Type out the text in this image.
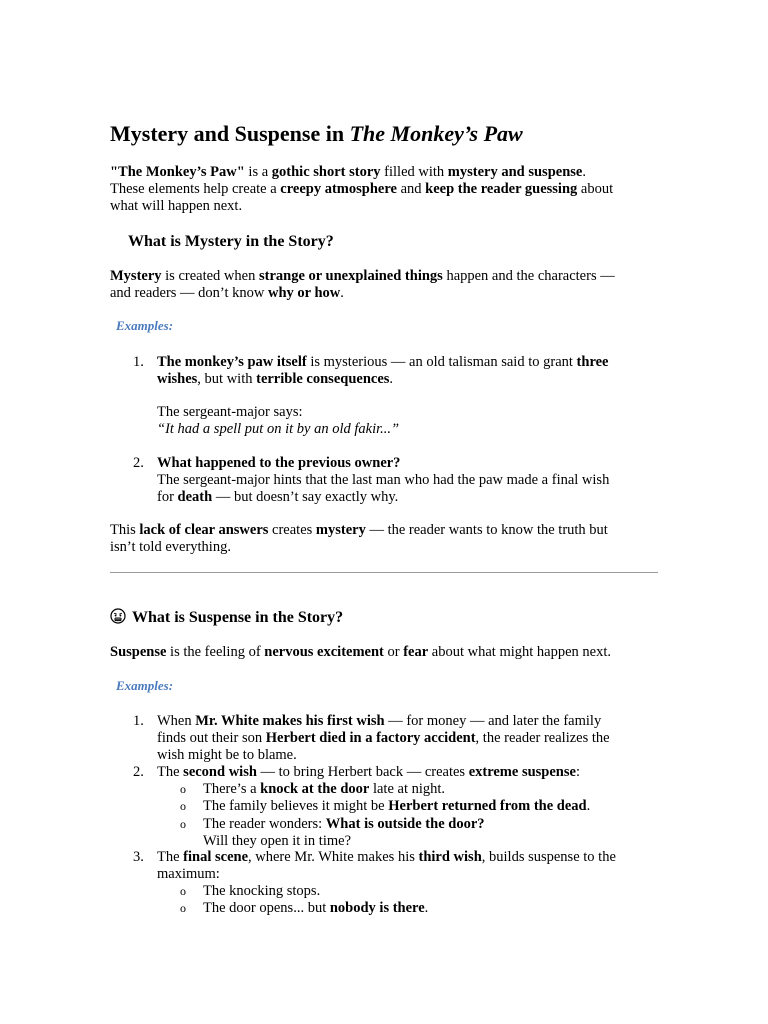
Mystery and Suspense in The Monkey’s Paw

"The Monkey’s Paw" is a gothic short story filled with mystery and suspense.
These elements help create a creepy atmosphere and keep the reader guessing about
what will happen next.

What is Mystery in the Story?

Mystery is created when strange or unexplained things happen and the characters —
and readers — don’t know why or how.

Examples:

1. The monkey’s paw itself is mysterious — an old talisman said to grant three
wishes, but with terrible consequences.
The sergeant-major says:
“It had a spell put on it by an old fakir...”
2. What happened to the previous owner?
The sergeant-major hints that the last man who had the paw made a final wish
for death — but doesn’t say exactly why.

This lack of clear answers creates mystery — the reader wants to know the truth but
isn’t told everything.

What is Suspense in the Story?

Suspense is the feeling of nervous excitement or fear about what might happen next.

Examples:

1. When Mr. White makes his first wish — for money — and later the family
finds out their son Herbert died in a factory accident, the reader realizes the
wish might be to blame.
2. The second wish — to bring Herbert back — creates extreme suspense:
o	There’s a knock at the door late at night.
o	The family believes it might be Herbert returned from the dead.
o	The reader wonders: What is outside the door?
Will they open it in time?
3. The final scene, where Mr. White makes his third wish, builds suspense to the
maximum:
o	The knocking stops.
o	The door opens... but nobody is there.
